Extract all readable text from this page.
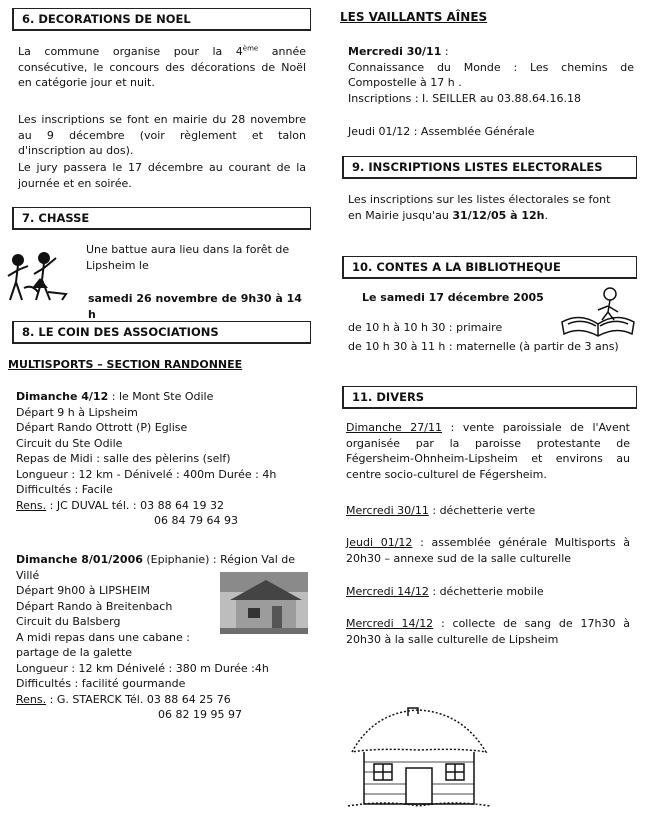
6. DECORATIONS DE NOEL
La commune organise pour la 4ème année consécutive, le concours des décorations de Noël en catégorie jour et nuit.
Les inscriptions se font en mairie du 28 novembre au 9 décembre (voir règlement et talon d'inscription au dos).
Le jury passera le 17 décembre au courant de la journée et en soirée.
7. CHASSE
Une battue aura lieu dans la forêt de Lipsheim le
samedi 26 novembre de 9h30 à 14 h
8. LE COIN DES ASSOCIATIONS
MULTISPORTS – SECTION RANDONNEE
Dimanche 4/12 : le Mont Ste Odile
Départ 9 h à Lipsheim
Départ Rando Ottrott (P) Eglise
Circuit du Ste Odile
Repas de Midi : salle des pèlerins (self)
Longueur : 12 km - Dénivelé : 400m Durée : 4h
Difficultés : Facile
Rens. : JC DUVAL tél. : 03 88 64 19 32
06 84 79 64 93
Dimanche 8/01/2006 (Epiphanie) : Région Val de Villé
Départ 9h00 à LIPSHEIM
Départ Rando à Breitenbach
Circuit du Balsberg
A midi repas dans une cabane :
partage de la galette
Longueur : 12 km Dénivelé : 380 m Durée :4h
Difficultés : facilité gourmande
Rens. : G. STAERCK Tél. 03 88 64 25 76
06 82 19 95 97
LES VAILLANTS AÎNES
Mercredi 30/11 :
Connaissance du Monde : Les chemins de Compostelle à 17 h .
Inscriptions : I. SEILLER au 03.88.64.16.18
Jeudi 01/12 : Assemblée Générale
9. INSCRIPTIONS LISTES ELECTORALES
Les inscriptions sur les listes électorales se font en Mairie jusqu'au 31/12/05 à 12h.
10. CONTES A LA BIBLIOTHEQUE
Le samedi 17 décembre 2005
de 10 h à 10 h 30 : primaire
de 10 h 30 à 11 h : maternelle (à partir de 3 ans)
11. DIVERS
Dimanche 27/11 : vente paroissiale de l'Avent organisée par la paroisse protestante de Fégersheim-Ohnheim-Lipsheim et environs au centre socio-culturel de Fégersheim.
Mercredi 30/11 : déchetterie verte
Jeudi 01/12 : assemblée générale Multisports à 20h30 – annexe sud de la salle culturelle
Mercredi 14/12 : déchetterie mobile
Mercredi 14/12 : collecte de sang de 17h30 à 20h30 à la salle culturelle de Lipsheim
